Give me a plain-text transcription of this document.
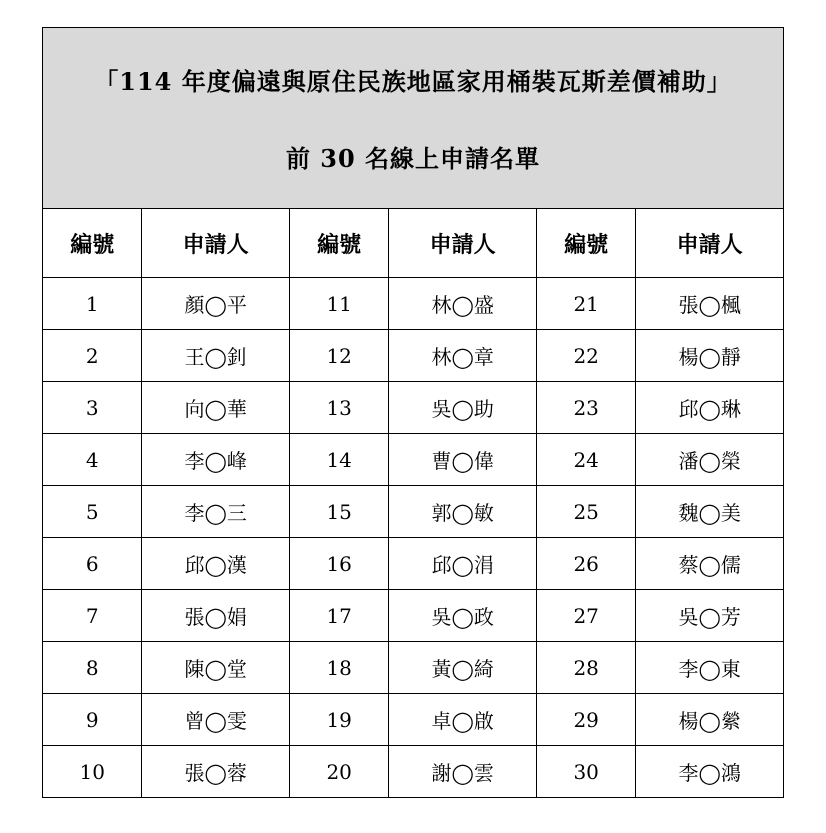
「114 年度偏遠與原住民族地區家用桶裝瓦斯差價補助」
前 30 名線上申請名單					

編號	申請人	編號	申請人	編號	申請人
1	顏◯平	11	林◯盛	21	張◯楓
2	王◯釗	12	林◯章	22	楊◯靜
3	向◯華	13	吳◯助	23	邱◯琳
4	李◯峰	14	曹◯偉	24	潘◯榮
5	李◯三	15	郭◯敏	25	魏◯美
6	邱◯漢	16	邱◯涓	26	蔡◯儒
7	張◯娟	17	吳◯政	27	吳◯芳
8	陳◯堂	18	黃◯綺	28	李◯東
9	曾◯雯	19	卓◯啟	29	楊◯縈
10	張◯蓉	20	謝◯雲	30	李◯鴻
